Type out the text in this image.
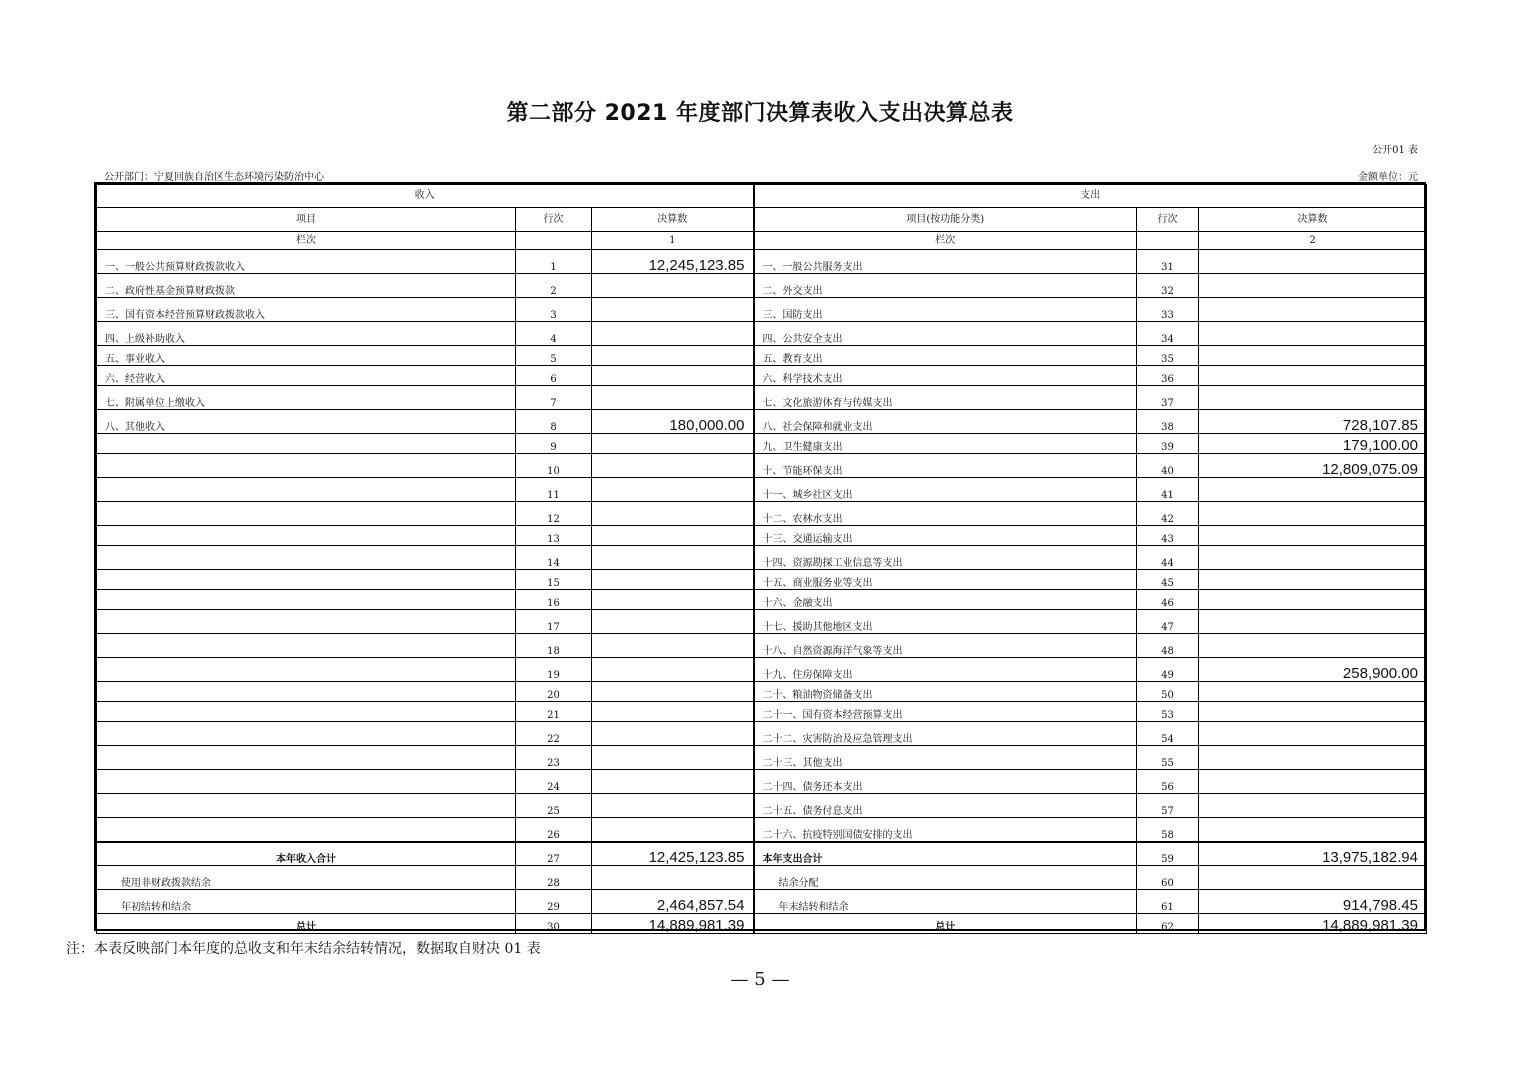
第二部分 2021 年度部门决算表收入支出决算总表
公开01 表
公开部门：宁夏回族自治区生态环境污染防治中心	金额单位：元
收入			支出		
项目	行次	决算数	项目(按功能分类)	行次	决算数
栏次		1	栏次		2
一、一般公共预算财政拨款收入	1	12,245,123.85	一、一般公共服务支出	31	
二、政府性基金预算财政拨款	2		二、外交支出	32	
三、国有资本经营预算财政拨款收入	3		三、国防支出	33	
四、上级补助收入	4		四、公共安全支出	34	
五、事业收入	5		五、教育支出	35	
六、经营收入	6		六、科学技术支出	36	
七、附属单位上缴收入	7		七、文化旅游体育与传媒支出	37	
八、其他收入	8	180,000.00	八、社会保障和就业支出	38	728,107.85
	9		九、卫生健康支出	39	179,100.00
	10		十、节能环保支出	40	12,809,075.09
	11		十一、城乡社区支出	41	
	12		十二、农林水支出	42	
	13		十三、交通运输支出	43	
	14		十四、资源勘探工业信息等支出	44	
	15		十五、商业服务业等支出	45	
	16		十六、金融支出	46	
	17		十七、援助其他地区支出	47	
	18		十八、自然资源海洋气象等支出	48	
	19		十九、住房保障支出	49	258,900.00
	20		二十、粮油物资储备支出	50	
	21		二十一、国有资本经营预算支出	53	
	22		二十二、灾害防治及应急管理支出	54	
	23		二十三、其他支出	55	
	24		二十四、债务还本支出	56	
	25		二十五、债务付息支出	57	
	26		二十六、抗疫特别国债安排的支出	58	
本年收入合计	27	12,425,123.85	本年支出合计	59	13,975,182.94
使用非财政拨款结余	28		结余分配	60	
年初结转和结余	29	2,464,857.54	年末结转和结余	61	914,798.45
总计	30	14,889,981.39	总计	62	14,889,981.39
注：本表反映部门本年度的总收支和年末结余结转情况，数据取自财决 01 表
— 5 —
